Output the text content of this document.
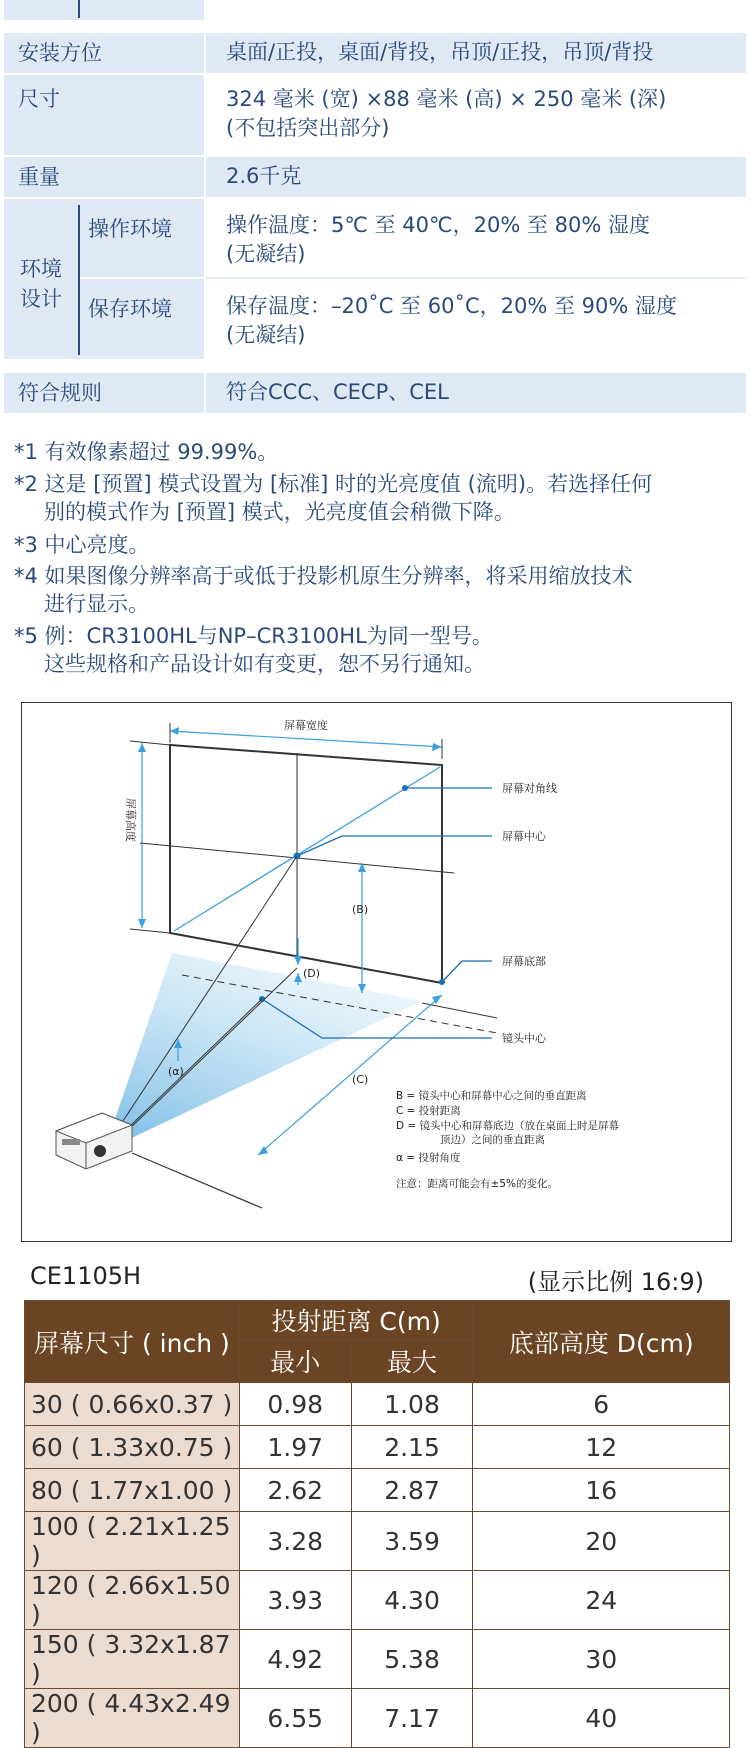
安装方位	桌面/正投，桌面/背投，吊顶/正投，吊顶/背投
尺寸	324 毫米 (宽) ×88 毫米 (高) × 250 毫米 (深)
(不包括突出部分)
重量	2.6千克
环境
设计
操作环境	操作温度：5℃ 至 40℃，20% 至 80% 湿度
(无凝结)
保存环境	保存温度：–20˚C 至 60˚C，20% 至 90% 湿度
(无凝结)
符合规则	符合CCC、CECP、CEL
*1 有效像素超过 99.99%。
*2 这是 [预置] 模式设置为 [标准] 时的光亮度值 (流明)。若选择任何
别的模式作为 [预置] 模式，光亮度值会稍微下降。
*3 中心亮度。
*4 如果图像分辨率高于或低于投影机原生分辨率，将采用缩放技术
进行显示。
*5 例：CR3100HL与NP–CR3100HL为同一型号。
这些规格和产品设计如有变更，恕不另行通知。
屏幕宽度
屏幕高度
(B)
(D)
(C)
(α)
屏幕对角线
屏幕中心
屏幕底部
镜头中心
B = 镜头中心和屏幕中心之间的垂直距离
C = 投射距离
D = 镜头中心和屏幕底边（放在桌面上时是屏幕
顶边）之间的垂直距离
α = 投射角度
注意：距离可能会有±5%的变化。
CE1105H	(显示比例 16:9)
屏幕尺寸 ( inch )	投射距离 C(m)		底部高度 D(cm)
	最小	最大	
30 ( 0.66x0.37 )	0.98	1.08	6
60 ( 1.33x0.75 )	1.97	2.15	12
80 ( 1.77x1.00 )	2.62	2.87	16
100 ( 2.21x1.25 )	3.28	3.59	20
120 ( 2.66x1.50 )	3.93	4.30	24
150 ( 3.32x1.87 )	4.92	5.38	30
200 ( 4.43x2.49 )	6.55	7.17	40
